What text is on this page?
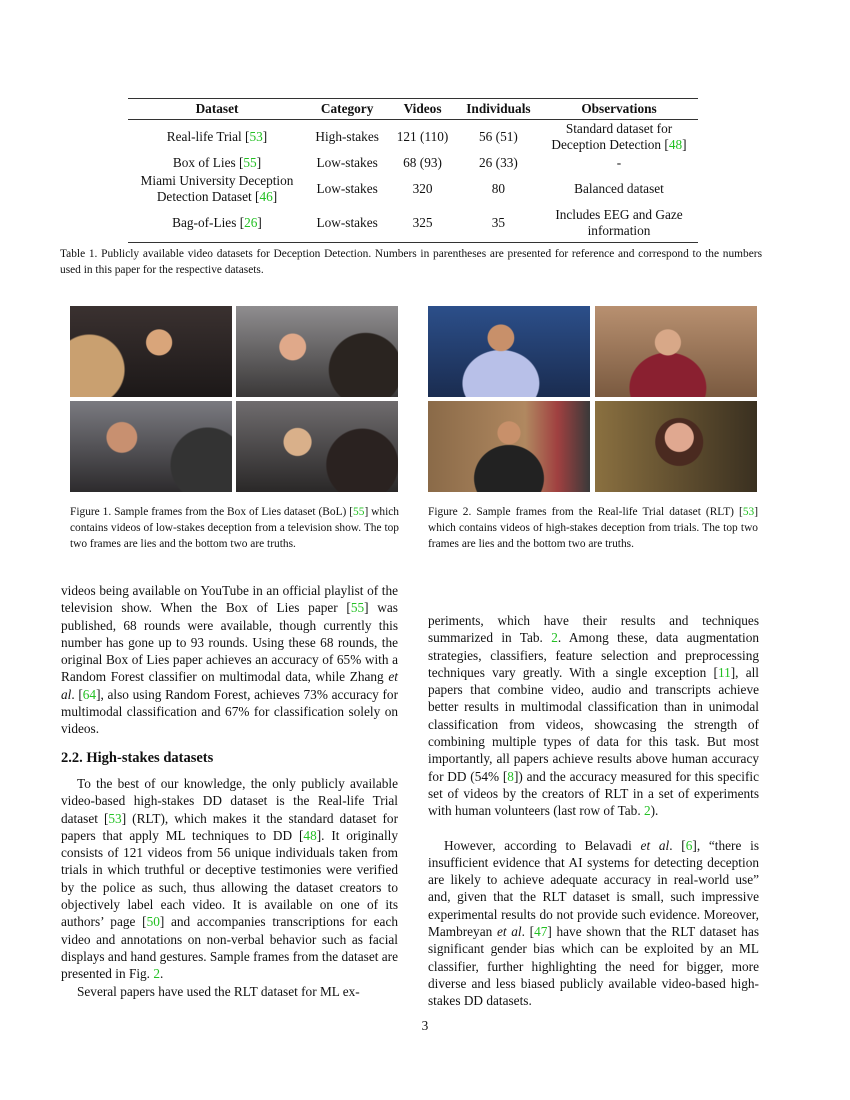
Dataset	Category	Videos	Individuals	Observations
Real-life Trial [53]	High-stakes	121 (110)	56 (51)	Standard dataset for Deception Detection [48]
Box of Lies [55]	Low-stakes	68 (93)	26 (33)	-
Miami University Deception Detection Dataset [46]	Low-stakes	320	80	Balanced dataset
Bag-of-Lies [26]	Low-stakes	325	35	Includes EEG and Gaze information
Table 1. Publicly available video datasets for Deception Detection. Numbers in parentheses are presented for reference and correspond to the numbers used in this paper for the respective datasets.
Figure 1. Sample frames from the Box of Lies dataset (BoL) [55] which contains videos of low-stakes deception from a television show. The top two frames are lies and the bottom two are truths.
Figure 2. Sample frames from the Real-life Trial dataset (RLT) [53] which contains videos of high-stakes deception from trials. The top two frames are lies and the bottom two are truths.

videos being available on YouTube in an official playlist of the television show. When the Box of Lies paper [55] was published, 68 rounds were available, though currently this number has gone up to 93 rounds. Using these 68 rounds, the original Box of Lies paper achieves an accuracy of 65% with a Random Forest classifier on multimodal data, while Zhang et al. [64], also using Random Forest, achieves 73% accuracy for multimodal classification and 67% for classification solely on videos.

2.2. High-stakes datasets

To the best of our knowledge, the only publicly available video-based high-stakes DD dataset is the Real-life Trial dataset [53] (RLT), which makes it the standard dataset for papers that apply ML techniques to DD [48]. It originally consists of 121 videos from 56 unique individuals taken from trials in which truthful or deceptive testimonies were verified by the police as such, thus allowing the dataset creators to objectively label each video. It is available on one of its authors’ page [50] and accompanies transcriptions for each video and annotations on non-verbal behavior such as facial displays and hand gestures. Sample frames from the dataset are presented in Fig. 2.

Several papers have used the RLT dataset for ML ex-

periments, which have their results and techniques summarized in Tab. 2. Among these, data augmentation strategies, classifiers, feature selection and preprocessing techniques vary greatly. With a single exception [11], all papers that combine video, audio and transcripts achieve better results in multimodal classification than in unimodal classification from videos, showcasing the strength of combining multiple types of data for this task. But most importantly, all papers achieve results above human accuracy for DD (54% [8]) and the accuracy measured for this specific set of videos by the creators of RLT in a set of experiments with human volunteers (last row of Tab. 2).

However, according to Belavadi et al. [6], “there is insufficient evidence that AI systems for detecting deception are likely to achieve adequate accuracy in real-world use” and, given that the RLT dataset is small, such impressive experimental results do not provide such evidence. Moreover, Mambreyan et al. [47] have shown that the RLT dataset has significant gender bias which can be exploited by an ML classifier, further highlighting the need for bigger, more diverse and less biased publicly available video-based high-stakes DD datasets.

3
